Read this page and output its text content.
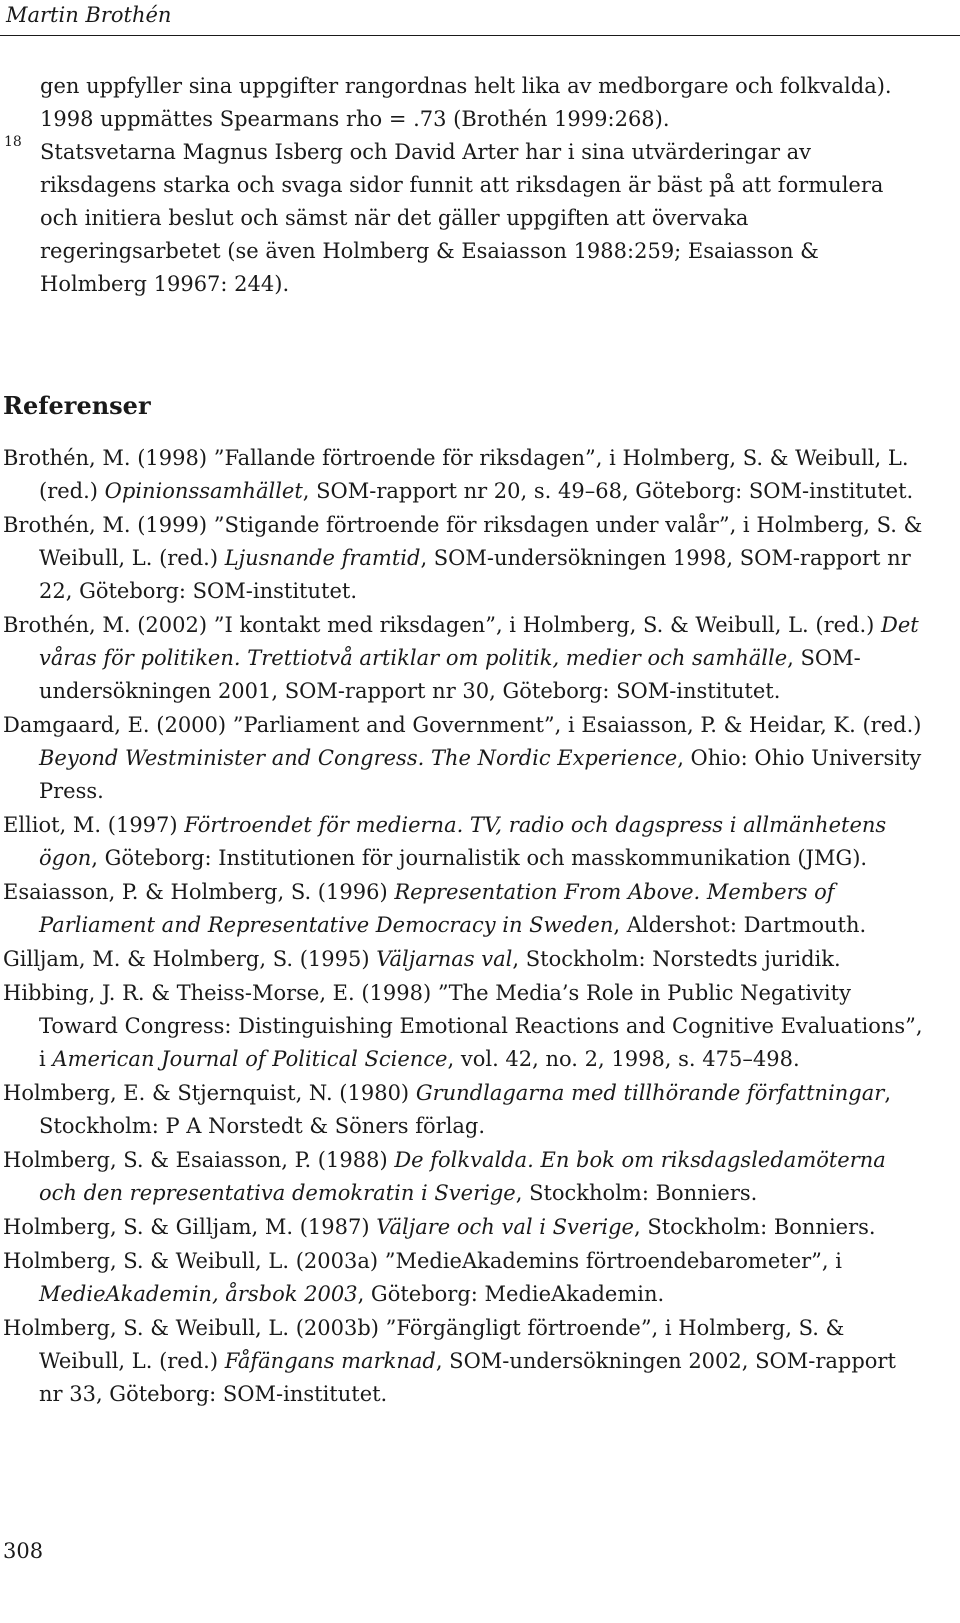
Martin Brothén

gen uppfyller sina uppgifter rangordnas helt lika av medborgare och folkvalda). 1998 uppmättes Spearmans rho = .73 (Brothén 1999:268).

18 Statsvetarna Magnus Isberg och David Arter har i sina utvärderingar av riksdagens starka och svaga sidor funnit att riksdagen är bäst på att formulera och initiera beslut och sämst när det gäller uppgiften att övervaka regeringsarbetet (se även Holmberg & Esaiasson 1988:259; Esaiasson & Holmberg 19967: 244).

Referenser

Brothén, M. (1998) ”Fallande förtroende för riksdagen”, i Holmberg, S. & Weibull, L. (red.) Opinionssamhället, SOM-rapport nr 20, s. 49–68, Göteborg: SOM-institutet.

Brothén, M. (1999) ”Stigande förtroende för riksdagen under valår”, i Holmberg, S. & Weibull, L. (red.) Ljusnande framtid, SOM-undersökningen 1998, SOM-rapport nr 22, Göteborg: SOM-institutet.

Brothén, M. (2002) ”I kontakt med riksdagen”, i Holmberg, S. & Weibull, L. (red.) Det våras för politiken. Trettiotvå artiklar om politik, medier och samhälle, SOM-undersökningen 2001, SOM-rapport nr 30, Göteborg: SOM-institutet.

Damgaard, E. (2000) ”Parliament and Government”, i Esaiasson, P. & Heidar, K. (red.) Beyond Westminister and Congress. The Nordic Experience, Ohio: Ohio University Press.

Elliot, M. (1997) Förtroendet för medierna. TV, radio och dagspress i allmänhetens ögon, Göteborg: Institutionen för journalistik och masskommunikation (JMG).

Esaiasson, P. & Holmberg, S. (1996) Representation From Above. Members of Parliament and Representative Democracy in Sweden, Aldershot: Dartmouth.

Gilljam, M. & Holmberg, S. (1995) Väljarnas val, Stockholm: Norstedts juridik.

Hibbing, J. R. & Theiss-Morse, E. (1998) ”The Media’s Role in Public Negativity Toward Congress: Distinguishing Emotional Reactions and Cognitive Evaluations”, i American Journal of Political Science, vol. 42, no. 2, 1998, s. 475–498.

Holmberg, E. & Stjernquist, N. (1980) Grundlagarna med tillhörande författningar, Stockholm: P A Norstedt & Söners förlag.

Holmberg, S. & Esaiasson, P. (1988) De folkvalda. En bok om riksdagsledamöterna och den representativa demokratin i Sverige, Stockholm: Bonniers.

Holmberg, S. & Gilljam, M. (1987) Väljare och val i Sverige, Stockholm: Bonniers.

Holmberg, S. & Weibull, L. (2003a) ”MedieAkademins förtroendebarometer”, i MedieAkademin, årsbok 2003, Göteborg: MedieAkademin.

Holmberg, S. & Weibull, L. (2003b) ”Förgängligt förtroende”, i Holmberg, S. & Weibull, L. (red.) Fåfängans marknad, SOM-undersökningen 2002, SOM-rapport nr 33, Göteborg: SOM-institutet.

308
